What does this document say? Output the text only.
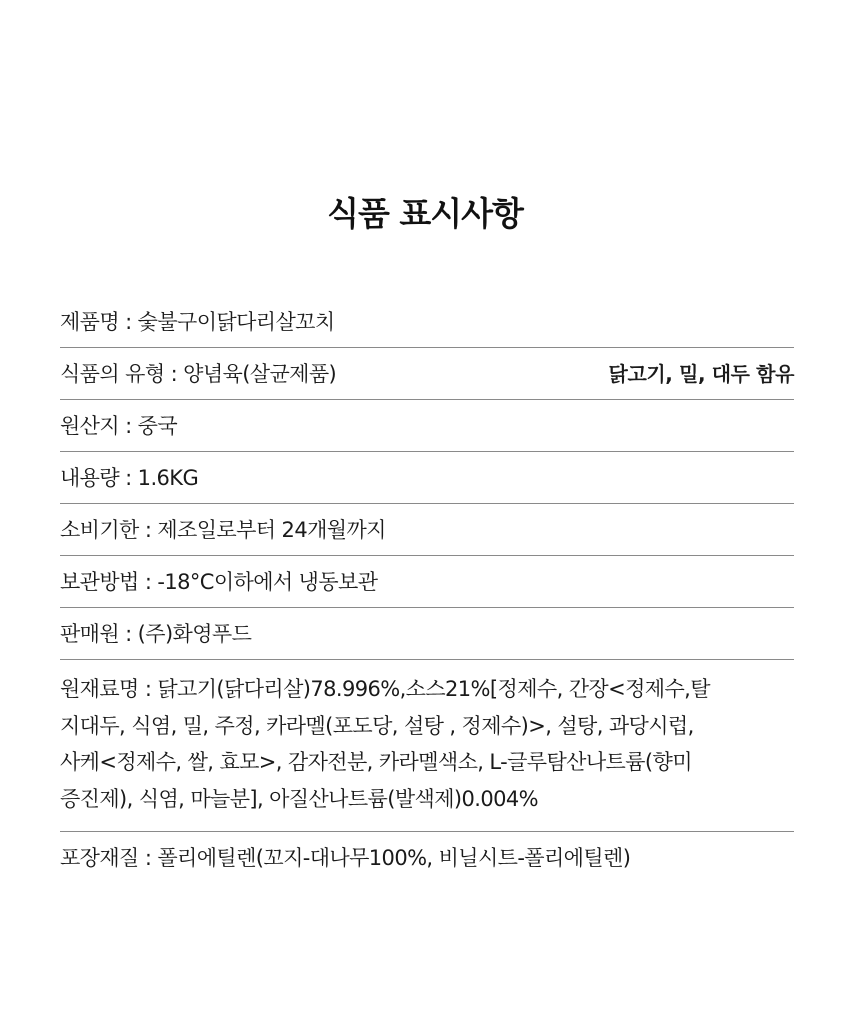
식품 표시사항
제품명 : 숯불구이닭다리살꼬치
식품의 유형 : 양념육(살균제품)	닭고기, 밀, 대두 함유
원산지 : 중국
내용량 : 1.6KG
소비기한 : 제조일로부터 24개월까지
보관방법 : -18°C이하에서 냉동보관
판매원 : (주)화영푸드
원재료명 : 닭고기(닭다리살)78.996%,소스21%[정제수, 간장<정제수,탈
지대두, 식염, 밀, 주정, 카라멜(포도당, 설탕 , 정제수)>, 설탕, 과당시럽,
사케<정제수, 쌀, 효모>, 감자전분, 카라멜색소, L-글루탐산나트륨(향미
증진제), 식염, 마늘분], 아질산나트륨(발색제)0.004%
포장재질 : 폴리에틸렌(꼬지-대나무100%, 비닐시트-폴리에틸렌)
